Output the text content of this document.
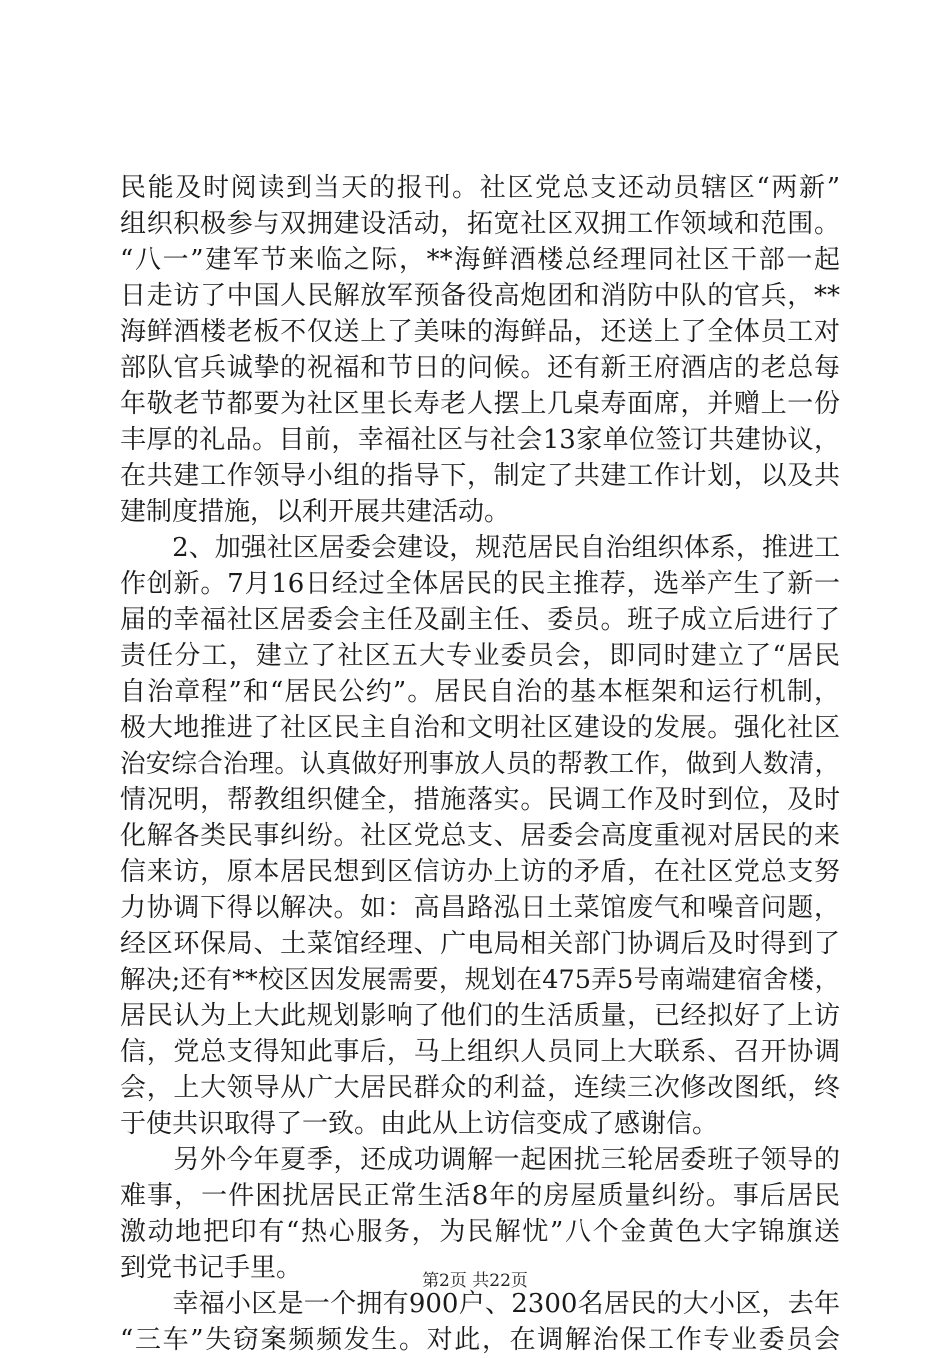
民能及时阅读到当天的报刊。社区党总支还动员辖区“两新”
组织积极参与双拥建设活动，拓宽社区双拥工作领域和范围。
“八一”建军节来临之际，**海鲜酒楼总经理同社区干部一起
日走访了中国人民解放军预备役高炮团和消防中队的官兵，**
海鲜酒楼老板不仅送上了美味的海鲜品，还送上了全体员工对
部队官兵诚挚的祝福和节日的问候。还有新王府酒店的老总每
年敬老节都要为社区里长寿老人摆上几桌寿面席，并赠上一份
丰厚的礼品。目前，幸福社区与社会13家单位签订共建协议，
在共建工作领导小组的指导下，制定了共建工作计划，以及共
建制度措施，以利开展共建活动。
　　2、加强社区居委会建设，规范居民自治组织体系，推进工
作创新。7月16日经过全体居民的民主推荐，选举产生了新一
届的幸福社区居委会主任及副主任、委员。班子成立后进行了
责任分工，建立了社区五大专业委员会，即同时建立了“居民
自治章程”和“居民公约”。居民自治的基本框架和运行机制，
极大地推进了社区民主自治和文明社区建设的发展。强化社区
治安综合治理。认真做好刑事放人员的帮教工作，做到人数清，
情况明，帮教组织健全，措施落实。民调工作及时到位，及时
化解各类民事纠纷。社区党总支、居委会高度重视对居民的来
信来访，原本居民想到区信访办上访的矛盾，在社区党总支努
力协调下得以解决。如：高昌路泓日土菜馆废气和噪音问题，
经区环保局、土菜馆经理、广电局相关部门协调后及时得到了
解决;还有**校区因发展需要，规划在475弄5号南端建宿舍楼，
居民认为上大此规划影响了他们的生活质量，已经拟好了上访
信，党总支得知此事后，马上组织人员同上大联系、召开协调
会，上大领导从广大居民群众的利益，连续三次修改图纸，终
于使共识取得了一致。由此从上访信变成了感谢信。
　　另外今年夏季，还成功调解一起困扰三轮居委班子领导的
难事，一件困扰居民正常生活8年的房屋质量纠纷。事后居民
激动地把印有“热心服务，为民解忧”八个金黄色大字锦旗送
到党书记手里。
　　幸福小区是一个拥有900户、2300名居民的大小区，去年
“三车”失窃案频频发生。对此，在调解治保工作专业委员会
第2页 共22页
